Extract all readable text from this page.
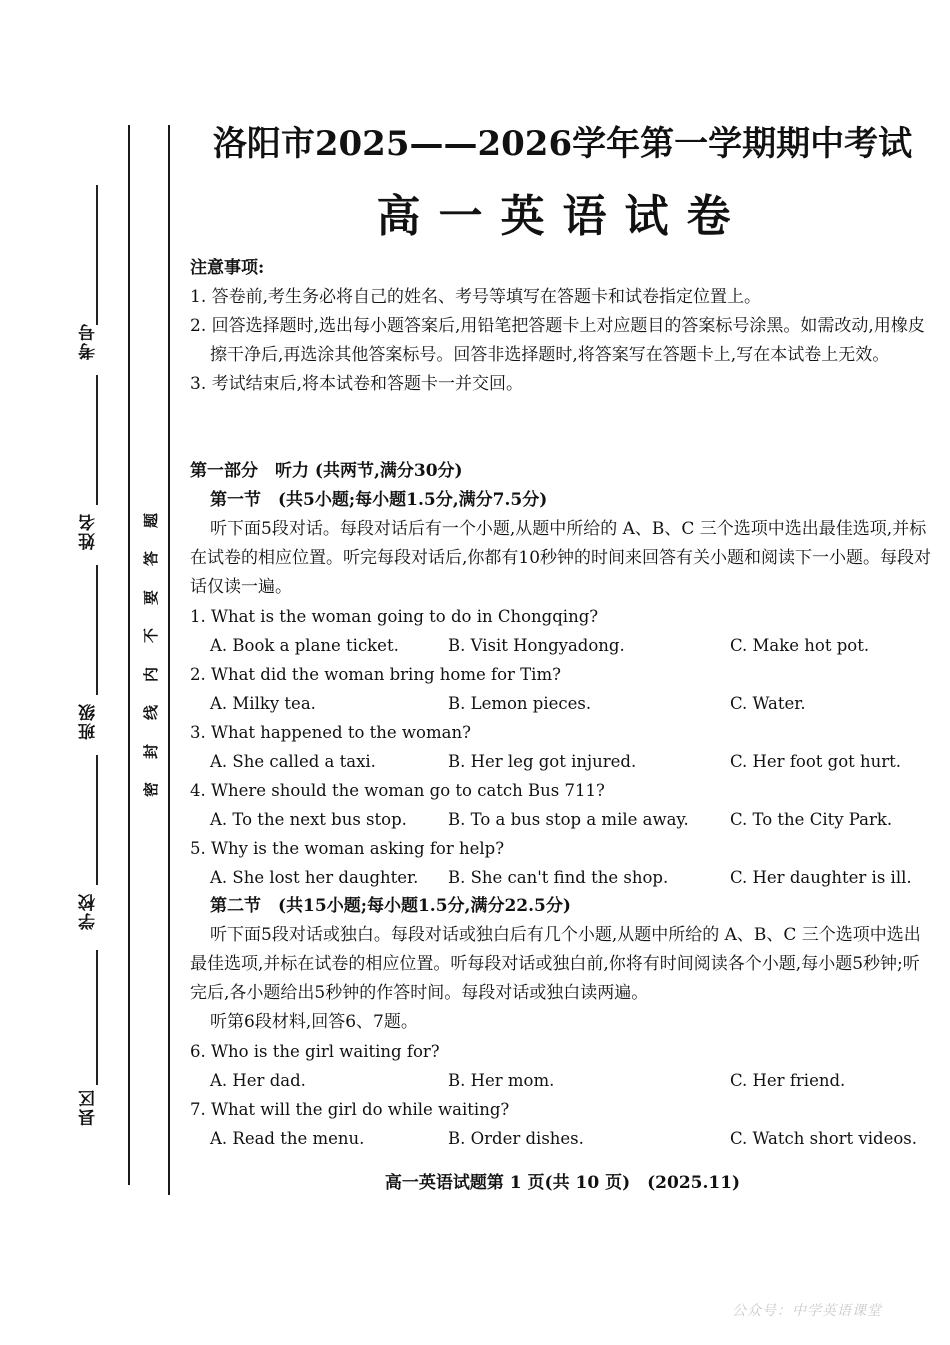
考号
姓名
班级
学校
县区
密
封
线
内
不
要
答
题
洛阳市2025——2026学年第一学期期中考试
高一英语试卷
注意事项:
1. 答卷前,考生务必将自己的姓名、考号等填写在答题卡和试卷指定位置上。
2. 回答选择题时,选出每小题答案后,用铅笔把答题卡上对应题目的答案标号涂黑。如需改动,用橡皮擦干净后,再选涂其他答案标号。回答非选择题时,将答案写在答题卡上,写在本试卷上无效。
3. 考试结束后,将本试卷和答题卡一并交回。
第一部分　听力 (共两节,满分30分)
第一节　(共5小题;每小题1.5分,满分7.5分)
听下面5段对话。每段对话后有一个小题,从题中所给的 A、B、C 三个选项中选出最佳选项,并标在试卷的相应位置。听完每段对话后,你都有10秒钟的时间来回答有关小题和阅读下一小题。每段对话仅读一遍。
1. What is the woman going to do in Chongqing?
A. Book a plane ticket.	B. Visit Hongyadong.	C. Make hot pot.
2. What did the woman bring home for Tim?
A. Milky tea.	B. Lemon pieces.	C. Water.
3. What happened to the woman?
A. She called a taxi.	B. Her leg got injured.	C. Her foot got hurt.
4. Where should the woman go to catch Bus 711?
A. To the next bus stop.	B. To a bus stop a mile away.	C. To the City Park.
5. Why is the woman asking for help?
A. She lost her daughter.	B. She can't find the shop.	C. Her daughter is ill.
第二节　(共15小题;每小题1.5分,满分22.5分)
听下面5段对话或独白。每段对话或独白后有几个小题,从题中所给的 A、B、C 三个选项中选出最佳选项,并标在试卷的相应位置。听每段对话或独白前,你将有时间阅读各个小题,每小题5秒钟;听完后,各小题给出5秒钟的作答时间。每段对话或独白读两遍。
听第6段材料,回答6、7题。
6. Who is the girl waiting for?
A. Her dad.	B. Her mom.	C. Her friend.
7. What will the girl do while waiting?
A. Read the menu.	B. Order dishes.	C. Watch short videos.
高一英语试题第 1 页(共 10 页)　(2025.11)
公众号：中学英语课堂
